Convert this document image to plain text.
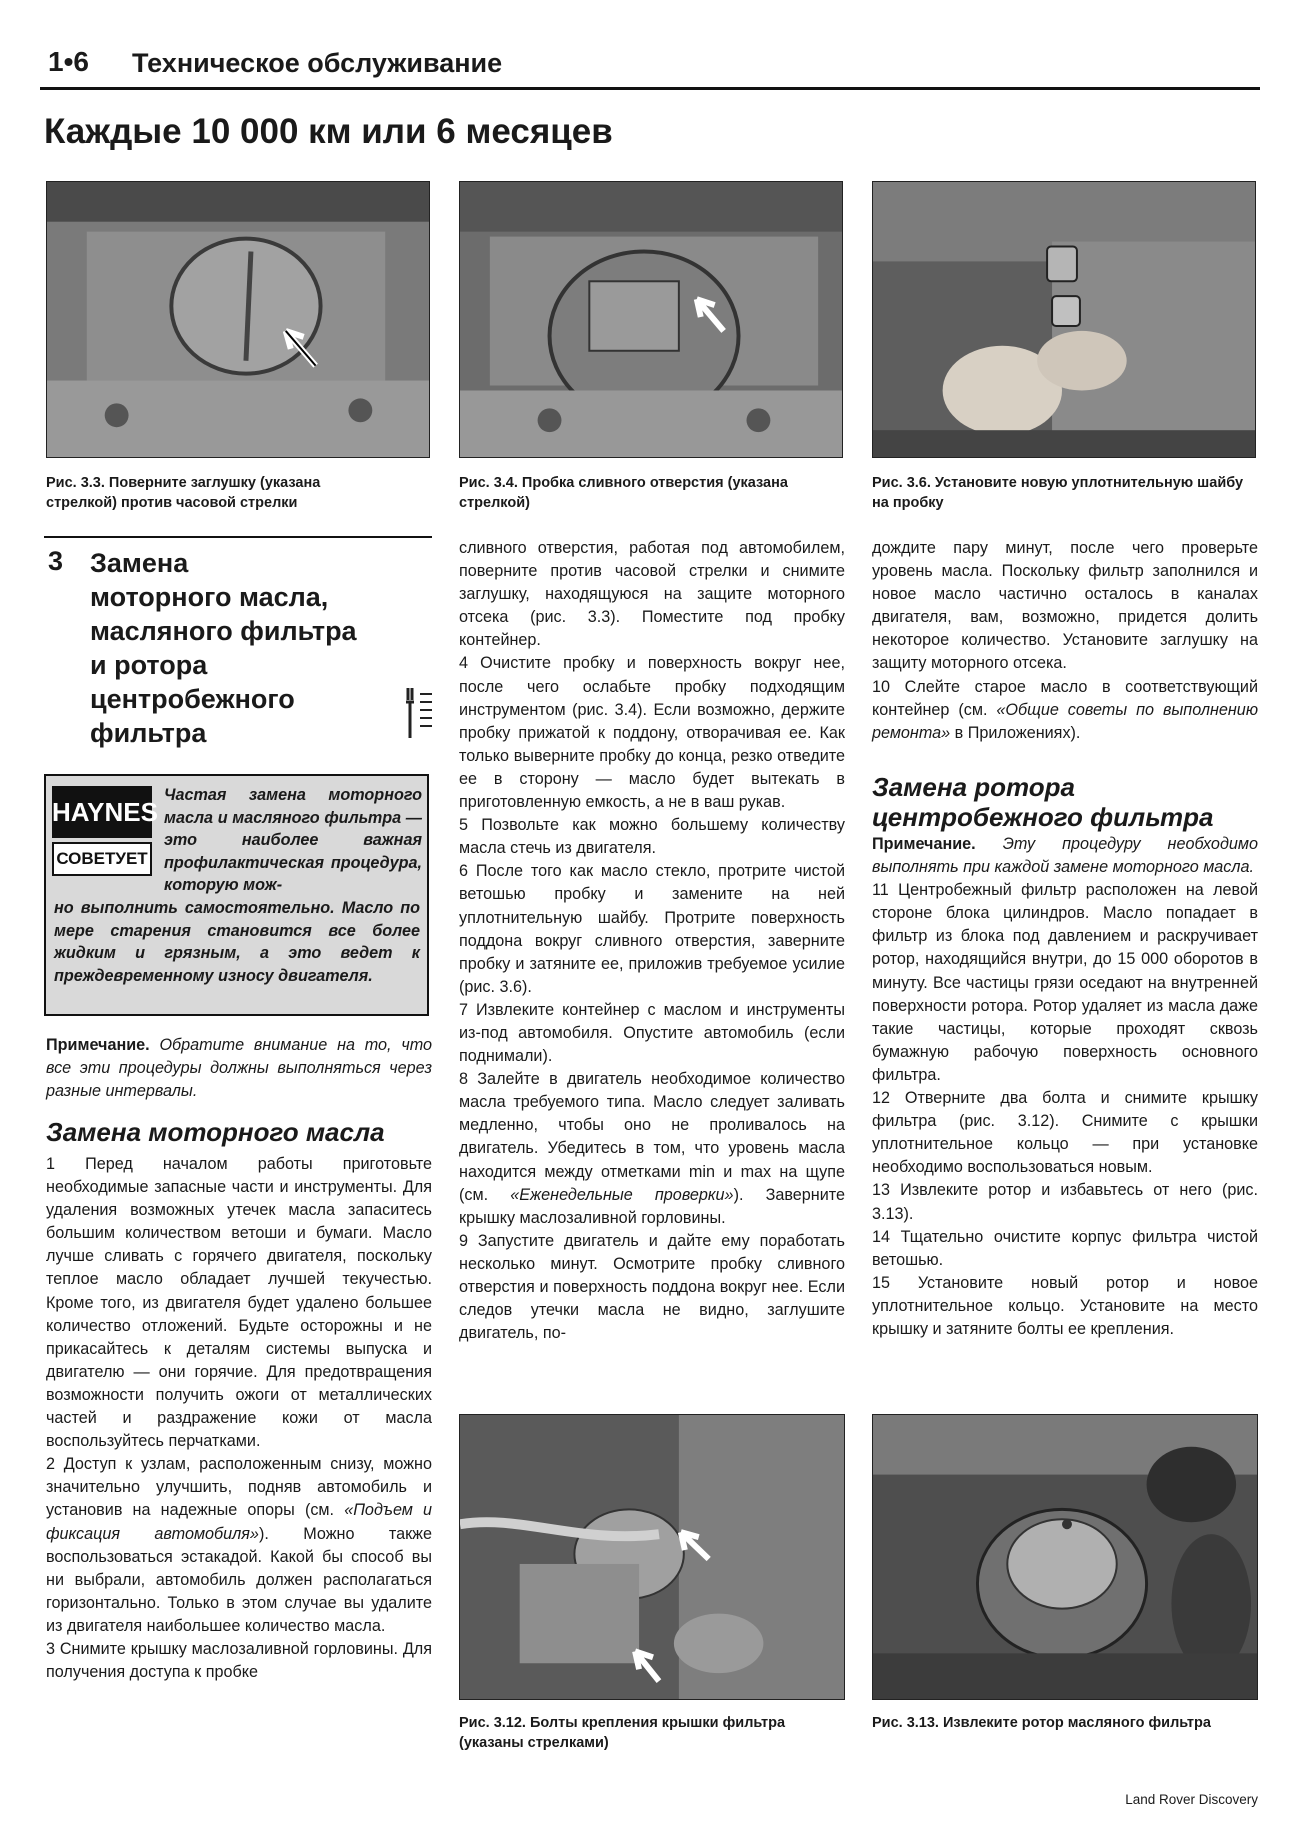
1•6 Техническое обслуживание
Каждые 10 000 км или 6 месяцев
Рис. 3.3. Поверните заглушку (указана стрелкой) против часовой стрелки
Рис. 3.4. Пробка сливного отверстия (указана стрелкой)
Рис. 3.6. Установите новую уплотнительную шайбу на пробку
3 Замена
моторного масла,
масляного фильтра
и ротора
центробежного
фильтра
HAYNES
СОВЕТУЕТ
Частая замена моторного масла и масляного фильтра — это наиболее важная профилактическая процедура, которую мож-
но выполнить самостоятельно. Масло по мере старения становится все более жидким и грязным, а это ведет к преждевременному износу двигателя.

Примечание. Обратите внимание на то, что все эти процедуры должны выполняться через разные интервалы.

Замена моторного масла

1 Перед началом работы приготовьте необходимые запасные части и инструменты. Для удаления возможных утечек масла запаситесь большим количеством ветоши и бумаги. Масло лучше сливать с горячего двигателя, поскольку теплое масло обладает лучшей текучестью. Кроме того, из двигателя будет удалено большее количество отложений. Будьте осторожны и не прикасайтесь к деталям системы выпуска и двигателю — они горячие. Для предотвращения возможности получить ожоги от металлических частей и раздражение кожи от масла воспользуйтесь перчатками.

2 Доступ к узлам, расположенным снизу, можно значительно улучшить, подняв автомобиль и установив на надежные опоры (см. «Подъем и фиксация автомобиля»). Можно также воспользоваться эстакадой. Какой бы способ вы ни выбрали, автомобиль должен располагаться горизонтально. Только в этом случае вы удалите из двигателя наибольшее количество масла.

3 Снимите крышку маслозаливной горловины. Для получения доступа к пробке

сливного отверстия, работая под автомобилем, поверните против часовой стрелки и снимите заглушку, находящуюся на защите моторного отсека (рис. 3.3). Поместите под пробку контейнер.

4 Очистите пробку и поверхность вокруг нее, после чего ослабьте пробку подходящим инструментом (рис. 3.4). Если возможно, держите пробку прижатой к поддону, отворачивая ее. Как только выверните пробку до конца, резко отведите ее в сторону — масло будет вытекать в приготовленную емкость, а не в ваш рукав.

5 Позвольте как можно большему количеству масла стечь из двигателя.

6 После того как масло стекло, протрите чистой ветошью пробку и замените на ней уплотнительную шайбу. Протрите поверхность поддона вокруг сливного отверстия, заверните пробку и затяните ее, приложив требуемое усилие (рис. 3.6).

7 Извлеките контейнер с маслом и инструменты из-под автомобиля. Опустите автомобиль (если поднимали).

8 Залейте в двигатель необходимое количество масла требуемого типа. Масло следует заливать медленно, чтобы оно не проливалось на двигатель. Убедитесь в том, что уровень масла находится между отметками min и max на щупе (см. «Еженедельные проверки»). Заверните крышку маслозаливной горловины.

9 Запустите двигатель и дайте ему поработать несколько минут. Осмотрите пробку сливного отверстия и поверхность поддона вокруг нее. Если следов утечки масла не видно, заглушите двигатель, по-

дождите пару минут, после чего проверьте уровень масла. Поскольку фильтр заполнился и новое масло частично осталось в каналах двигателя, вам, возможно, придется долить некоторое количество. Установите заглушку на защиту моторного отсека.

10 Слейте старое масло в соответствующий контейнер (см. «Общие советы по выполнению ремонта» в Приложениях).

Замена ротора центробежного фильтра

Примечание. Эту процедуру необходимо выполнять при каждой замене моторного масла.

11 Центробежный фильтр расположен на левой стороне блока цилиндров. Масло попадает в фильтр из блока под давлением и раскручивает ротор, находящийся внутри, до 15 000 оборотов в минуту. Все частицы грязи оседают на внутренней поверхности ротора. Ротор удаляет из масла даже такие частицы, которые проходят сквозь бумажную рабочую поверхность основного фильтра.

12 Отверните два болта и снимите крышку фильтра (рис. 3.12). Снимите с крышки уплотнительное кольцо — при установке необходимо воспользоваться новым.

13 Извлеките ротор и избавьтесь от него (рис. 3.13).

14 Тщательно очистите корпус фильтра чистой ветошью.

15 Установите новый ротор и новое уплотнительное кольцо. Установите на место крышку и затяните болты ее крепления.

Рис. 3.12. Болты крепления крышки фильтра (указаны стрелками)
Рис. 3.13. Извлеките ротор масляного фильтра
Land Rover Discovery
